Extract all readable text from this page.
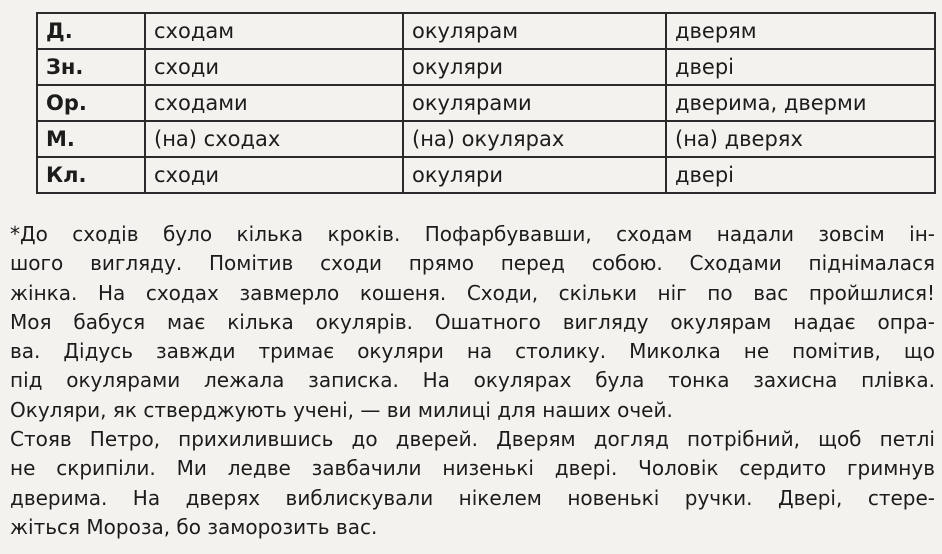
Д.	сходам	окулярам	дверям
Зн.	сходи	окуляри	двері
Ор.	сходами	окулярами	дверима, дверми
М.	(на) сходах	(на) окулярах	(на) дверях
Кл.	сходи	окуляри	двері
*До сходів було кілька кроків. Пофарбувавши, сходам надали зовсім ін-
шого вигляду. Помітив сходи прямо перед собою. Сходами піднімалася
жінка. На сходах завмерло кошеня. Сходи, скільки ніг по вас пройшлися!
Моя бабуся має кілька окулярів. Ошатного вигляду окулярам надає опра-
ва. Дідусь завжди тримає окуляри на столику. Миколка не помітив, що
під окулярами лежала записка. На окулярах була тонка захисна плівка.
Окуляри, як стверджують учені, — ви милиці для наших очей.
Стояв Петро, прихилившись до дверей. Дверям догляд потрібний, щоб петлі
не скрипіли. Ми ледве завбачили низенькі двері. Чоловік сердито гримнув
дверима. На дверях виблискували нікелем новенькі ручки. Двері, стере-
жіться Мороза, бо заморозить вас.
